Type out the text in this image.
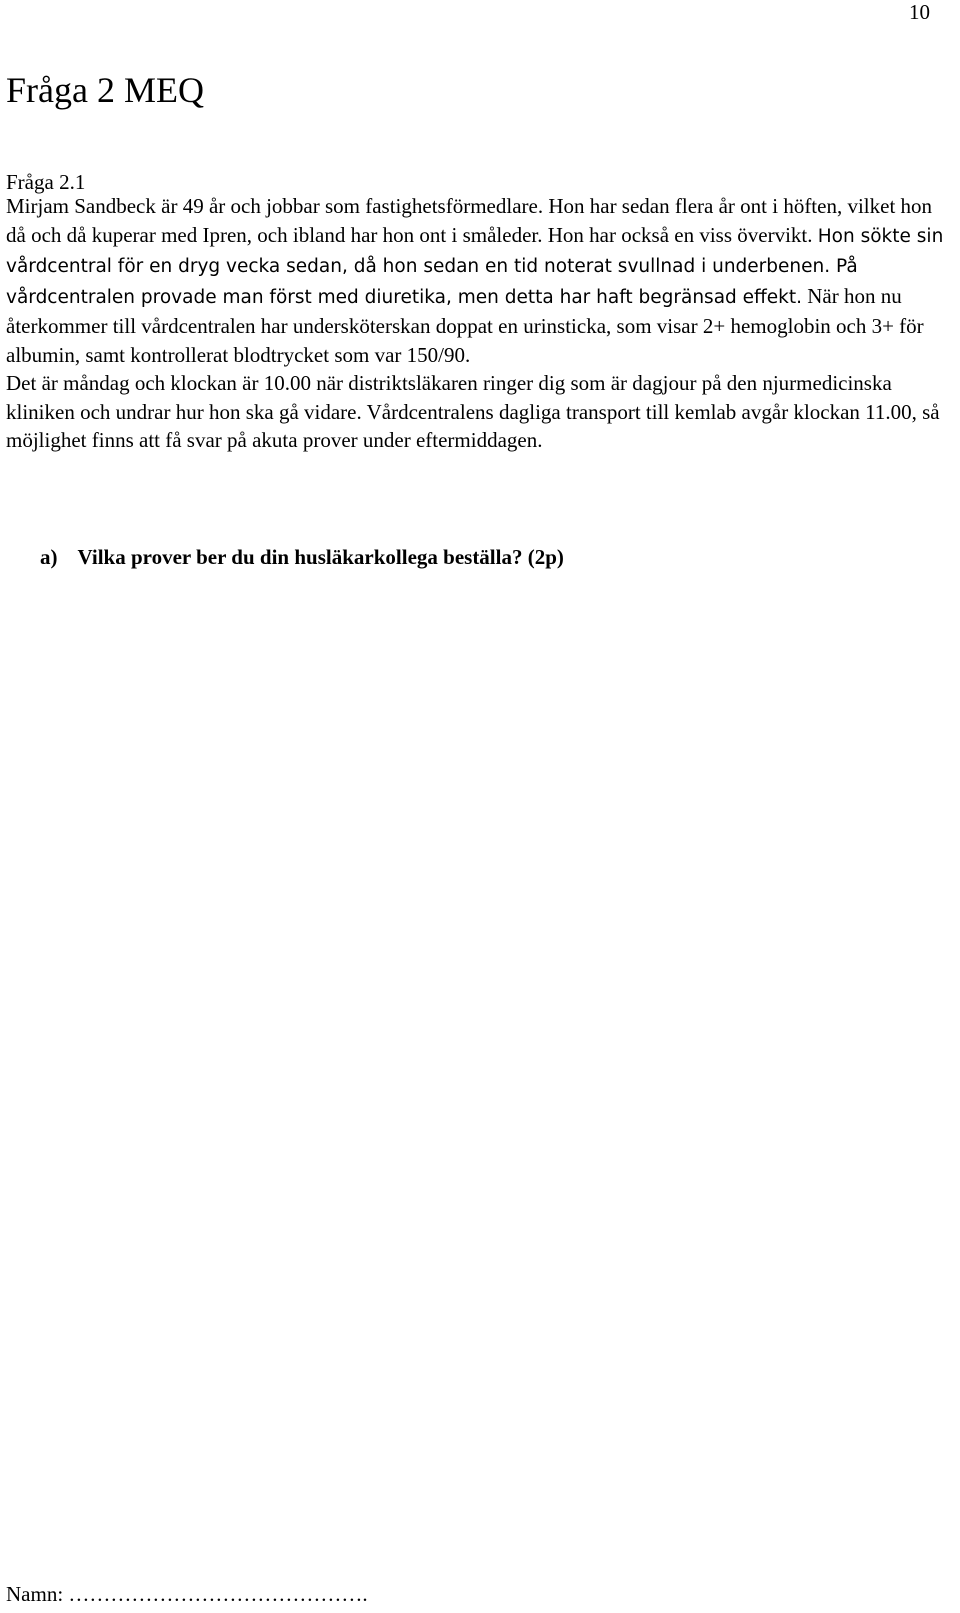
10
Fråga 2 MEQ
Fråga 2.1

Mirjam Sandbeck är 49 år och jobbar som fastighetsförmedlare. Hon har sedan flera år ont i höften, vilket hon då och då kuperar med Ipren, och ibland har hon ont i småleder. Hon har också en viss övervikt. Hon sökte sin vårdcentral för en dryg vecka sedan, då hon sedan en tid noterat svullnad i underbenen. På vårdcentralen provade man först med diuretika, men detta har haft begränsad effekt. När hon nu återkommer till vårdcentralen har undersköterskan doppat en urinsticka, som visar 2+ hemoglobin och 3+ för albumin, samt kontrollerat blodtrycket som var 150/90.

Det är måndag och klockan är 10.00 när distriktsläkaren ringer dig som är dagjour på den njurmedicinska kliniken och undrar hur hon ska gå vidare. Vårdcentralens dagliga transport till kemlab avgår klockan 11.00, så möjlighet finns att få svar på akuta prover under eftermiddagen.

a) Vilka prover ber du din husläkarkollega beställa? (2p)
Namn: …………………………………….
